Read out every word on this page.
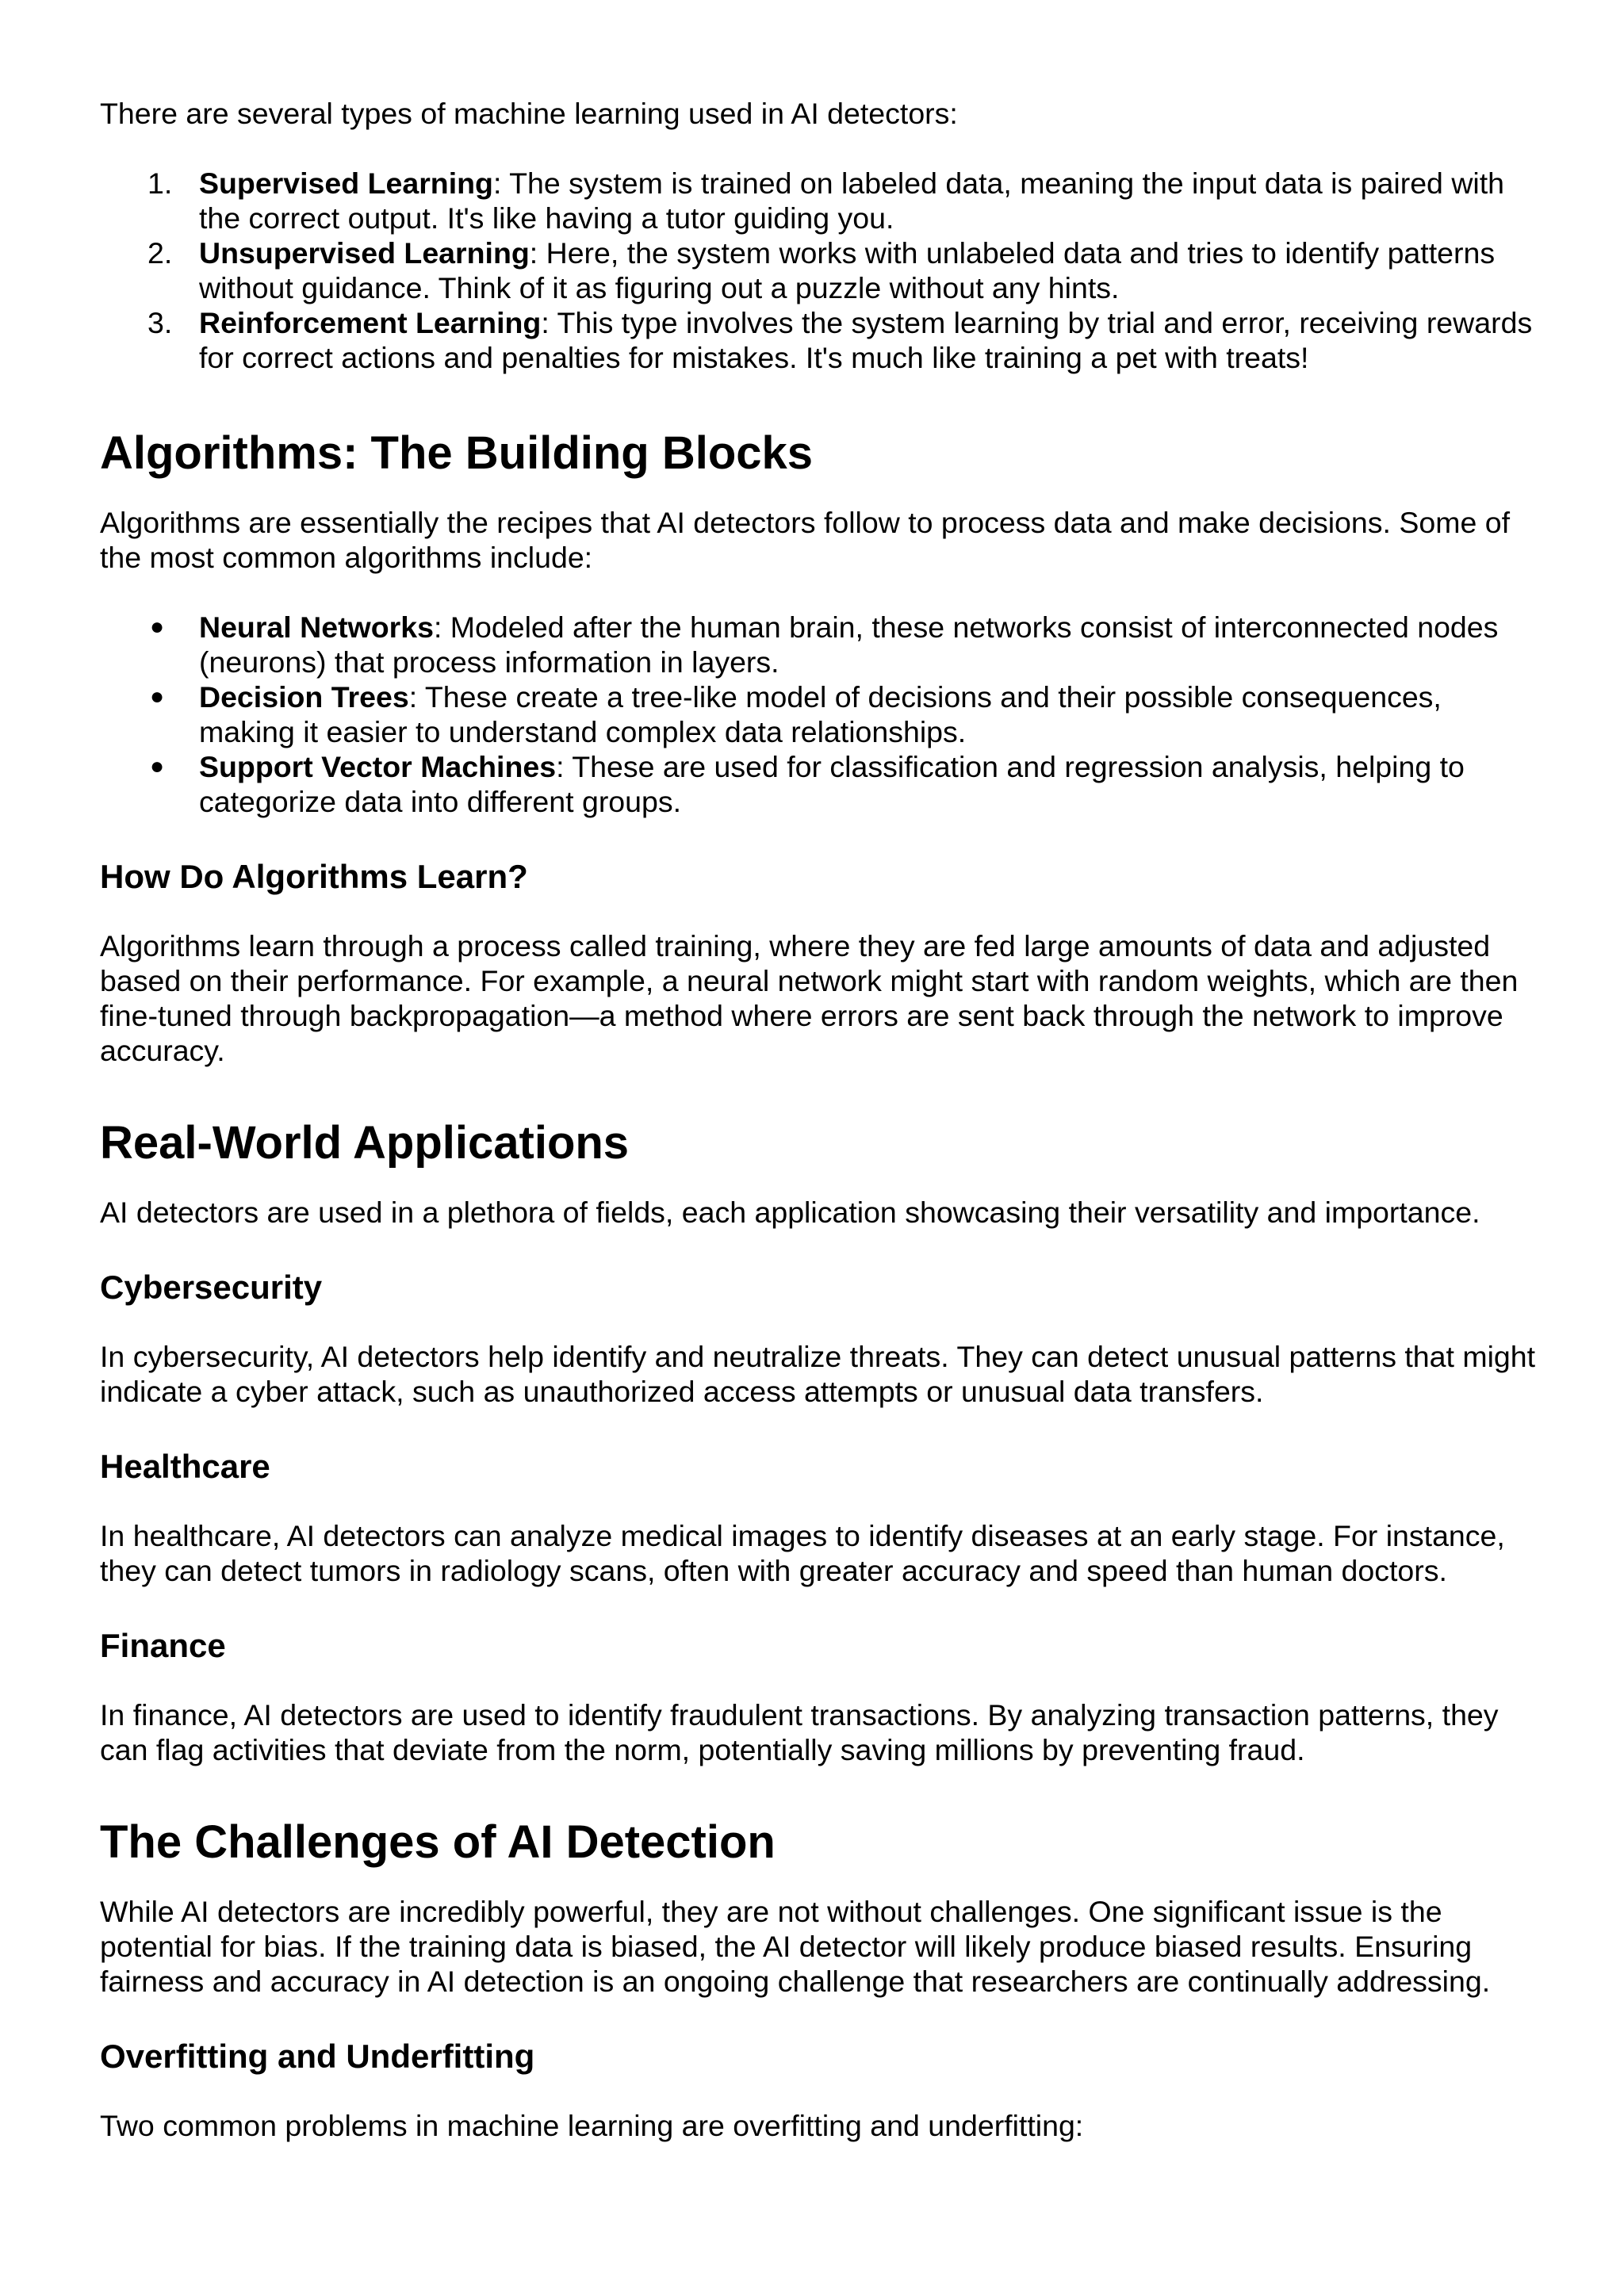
There are several types of machine learning used in AI detectors:

1. Supervised Learning: The system is trained on labeled data, meaning the input data is paired with the correct output. It's like having a tutor guiding you.
2. Unsupervised Learning: Here, the system works with unlabeled data and tries to identify patterns without guidance. Think of it as figuring out a puzzle without any hints.
3. Reinforcement Learning: This type involves the system learning by trial and error, receiving rewards for correct actions and penalties for mistakes. It's much like training a pet with treats!
Algorithms: The Building Blocks

Algorithms are essentially the recipes that AI detectors follow to process data and make decisions. Some of the most common algorithms include:

● Neural Networks: Modeled after the human brain, these networks consist of interconnected nodes (neurons) that process information in layers.
● Decision Trees: These create a tree-like model of decisions and their possible consequences, making it easier to understand complex data relationships.
● Support Vector Machines: These are used for classification and regression analysis, helping to categorize data into different groups.
How Do Algorithms Learn?

Algorithms learn through a process called training, where they are fed large amounts of data and adjusted based on their performance. For example, a neural network might start with random weights, which are then fine-tuned through backpropagation—a method where errors are sent back through the network to improve accuracy.

Real-World Applications

AI detectors are used in a plethora of fields, each application showcasing their versatility and importance.

Cybersecurity

In cybersecurity, AI detectors help identify and neutralize threats. They can detect unusual patterns that might indicate a cyber attack, such as unauthorized access attempts or unusual data transfers.

Healthcare

In healthcare, AI detectors can analyze medical images to identify diseases at an early stage. For instance, they can detect tumors in radiology scans, often with greater accuracy and speed than human doctors.

Finance

In finance, AI detectors are used to identify fraudulent transactions. By analyzing transaction patterns, they can flag activities that deviate from the norm, potentially saving millions by preventing fraud.

The Challenges of AI Detection

While AI detectors are incredibly powerful, they are not without challenges. One significant issue is the potential for bias. If the training data is biased, the AI detector will likely produce biased results. Ensuring fairness and accuracy in AI detection is an ongoing challenge that researchers are continually addressing.

Overfitting and Underfitting

Two common problems in machine learning are overfitting and underfitting:
